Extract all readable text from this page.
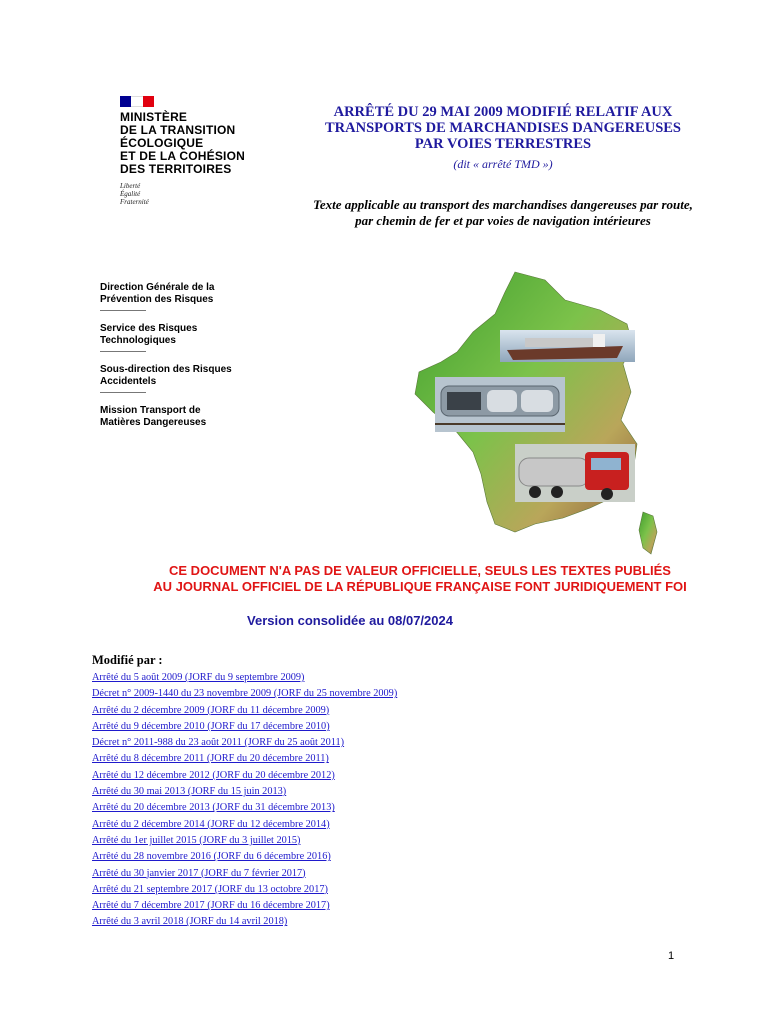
MINISTÈRE
DE LA TRANSITION
ÉCOLOGIQUE
ET DE LA COHÉSION
DES TERRITOIRES
Liberté
Égalité
Fraternité
ARRÊTÉ DU 29 MAI 2009 MODIFIÉ RELATIF AUX
TRANSPORTS DE MARCHANDISES DANGEREUSES
PAR VOIES TERRESTRES
(dit « arrêté TMD »)
Texte applicable au transport des marchandises dangereuses par route,
par chemin de fer et par voies de navigation intérieures
Direction Générale de la
Prévention des Risques
Service des Risques
Technologiques
Sous-direction des Risques
Accidentels
Mission Transport de
Matières Dangereuses
CE DOCUMENT N'A PAS DE VALEUR OFFICIELLE, SEULS LES TEXTES PUBLIÉS
AU JOURNAL OFFICIEL DE LA RÉPUBLIQUE FRANÇAISE FONT JURIDIQUEMENT FOI
Version consolidée au 08/07/2024
Modifié par :
Arrêté du 5 août 2009 (JORF du 9 septembre 2009)
Décret n° 2009-1440 du 23 novembre 2009 (JORF du 25 novembre 2009)
Arrêté du 2 décembre 2009 (JORF du 11 décembre 2009)
Arrêté du 9 décembre 2010 (JORF du 17 décembre 2010)
Décret n° 2011-988 du 23 août 2011 (JORF du 25 août 2011)
Arrêté du 8 décembre 2011 (JORF du 20 décembre 2011)
Arrêté du 12 décembre 2012 (JORF du 20 décembre 2012)
Arrêté du 30 mai 2013 (JORF du 15 juin 2013)
Arrêté du 20 décembre 2013 (JORF du 31 décembre 2013)
Arrêté du 2 décembre 2014 (JORF du 12 décembre 2014)
Arrêté du 1er juillet 2015 (JORF du 3 juillet 2015)
Arrêté du 28 novembre 2016 (JORF du 6 décembre 2016)
Arrêté du 30 janvier 2017 (JORF du 7 février 2017)
Arrêté du 21 septembre 2017 (JORF du 13 octobre 2017)
Arrêté du 7 décembre 2017 (JORF du 16 décembre 2017)
Arrêté du 3 avril 2018 (JORF du 14 avril 2018)
1
